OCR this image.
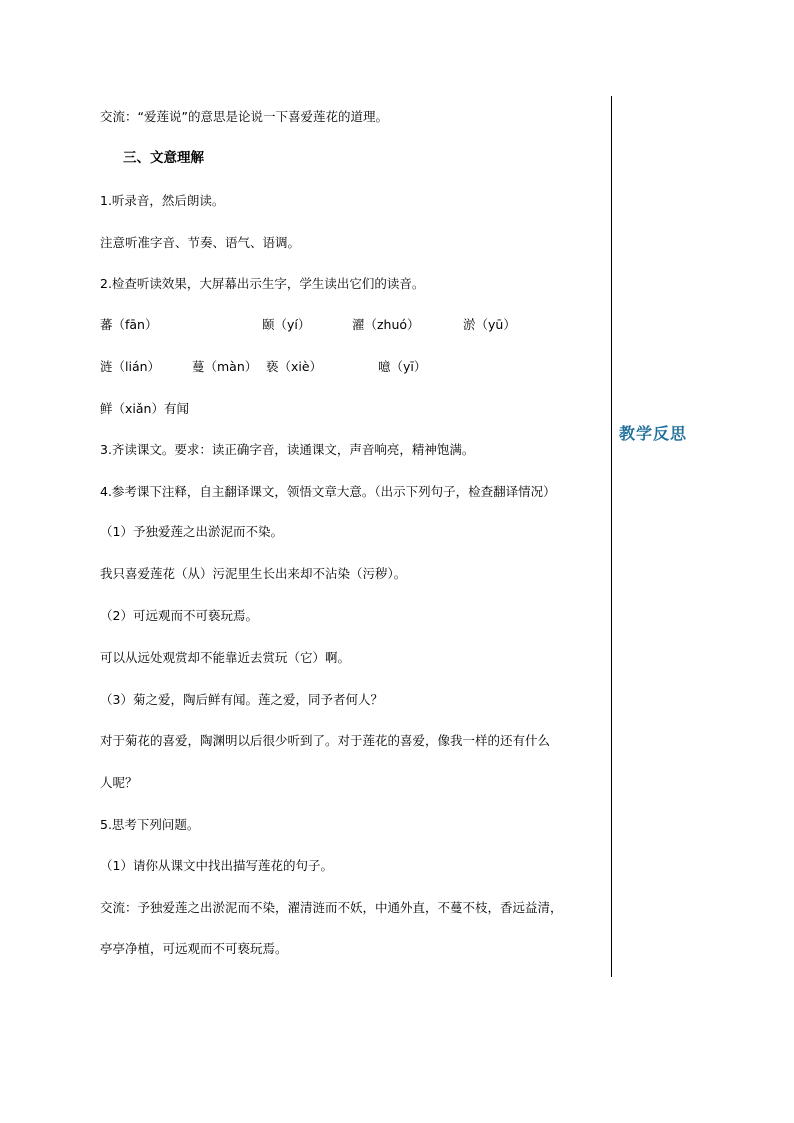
交流：“爱莲说”的意思是论说一下喜爱莲花的道理。
三、文意理解
1.听录音，然后朗读。
注意听准字音、节奏、语气、语调。
2.检查听读效果，大屏幕出示生字，学生读出它们的读音。
蕃（fān）	颐（yí）	濯（zhuó）	淤（yū）
涟（lián）	蔓（màn） 亵（xiè）	噫（yī）
鲜（xiǎn）有闻
3.齐读课文。要求：读正确字音，读通课文，声音响亮，精神饱满。
4.参考课下注释，自主翻译课文，领悟文章大意。（出示下列句子，检查翻译情况）
（1）予独爱莲之出淤泥而不染。
我只喜爱莲花（从）污泥里生长出来却不沾染（污秽）。
（2）可远观而不可亵玩焉。
可以从远处观赏却不能靠近去赏玩（它）啊。
（3）菊之爱，陶后鲜有闻。莲之爱，同予者何人？
对于菊花的喜爱，陶渊明以后很少听到了。对于莲花的喜爱，像我一样的还有什么
人呢？
5.思考下列问题。
（1）请你从课文中找出描写莲花的句子。
交流：予独爱莲之出淤泥而不染，濯清涟而不妖，中通外直，不蔓不枝，香远益清，
亭亭净植，可远观而不可亵玩焉。
教学反思
